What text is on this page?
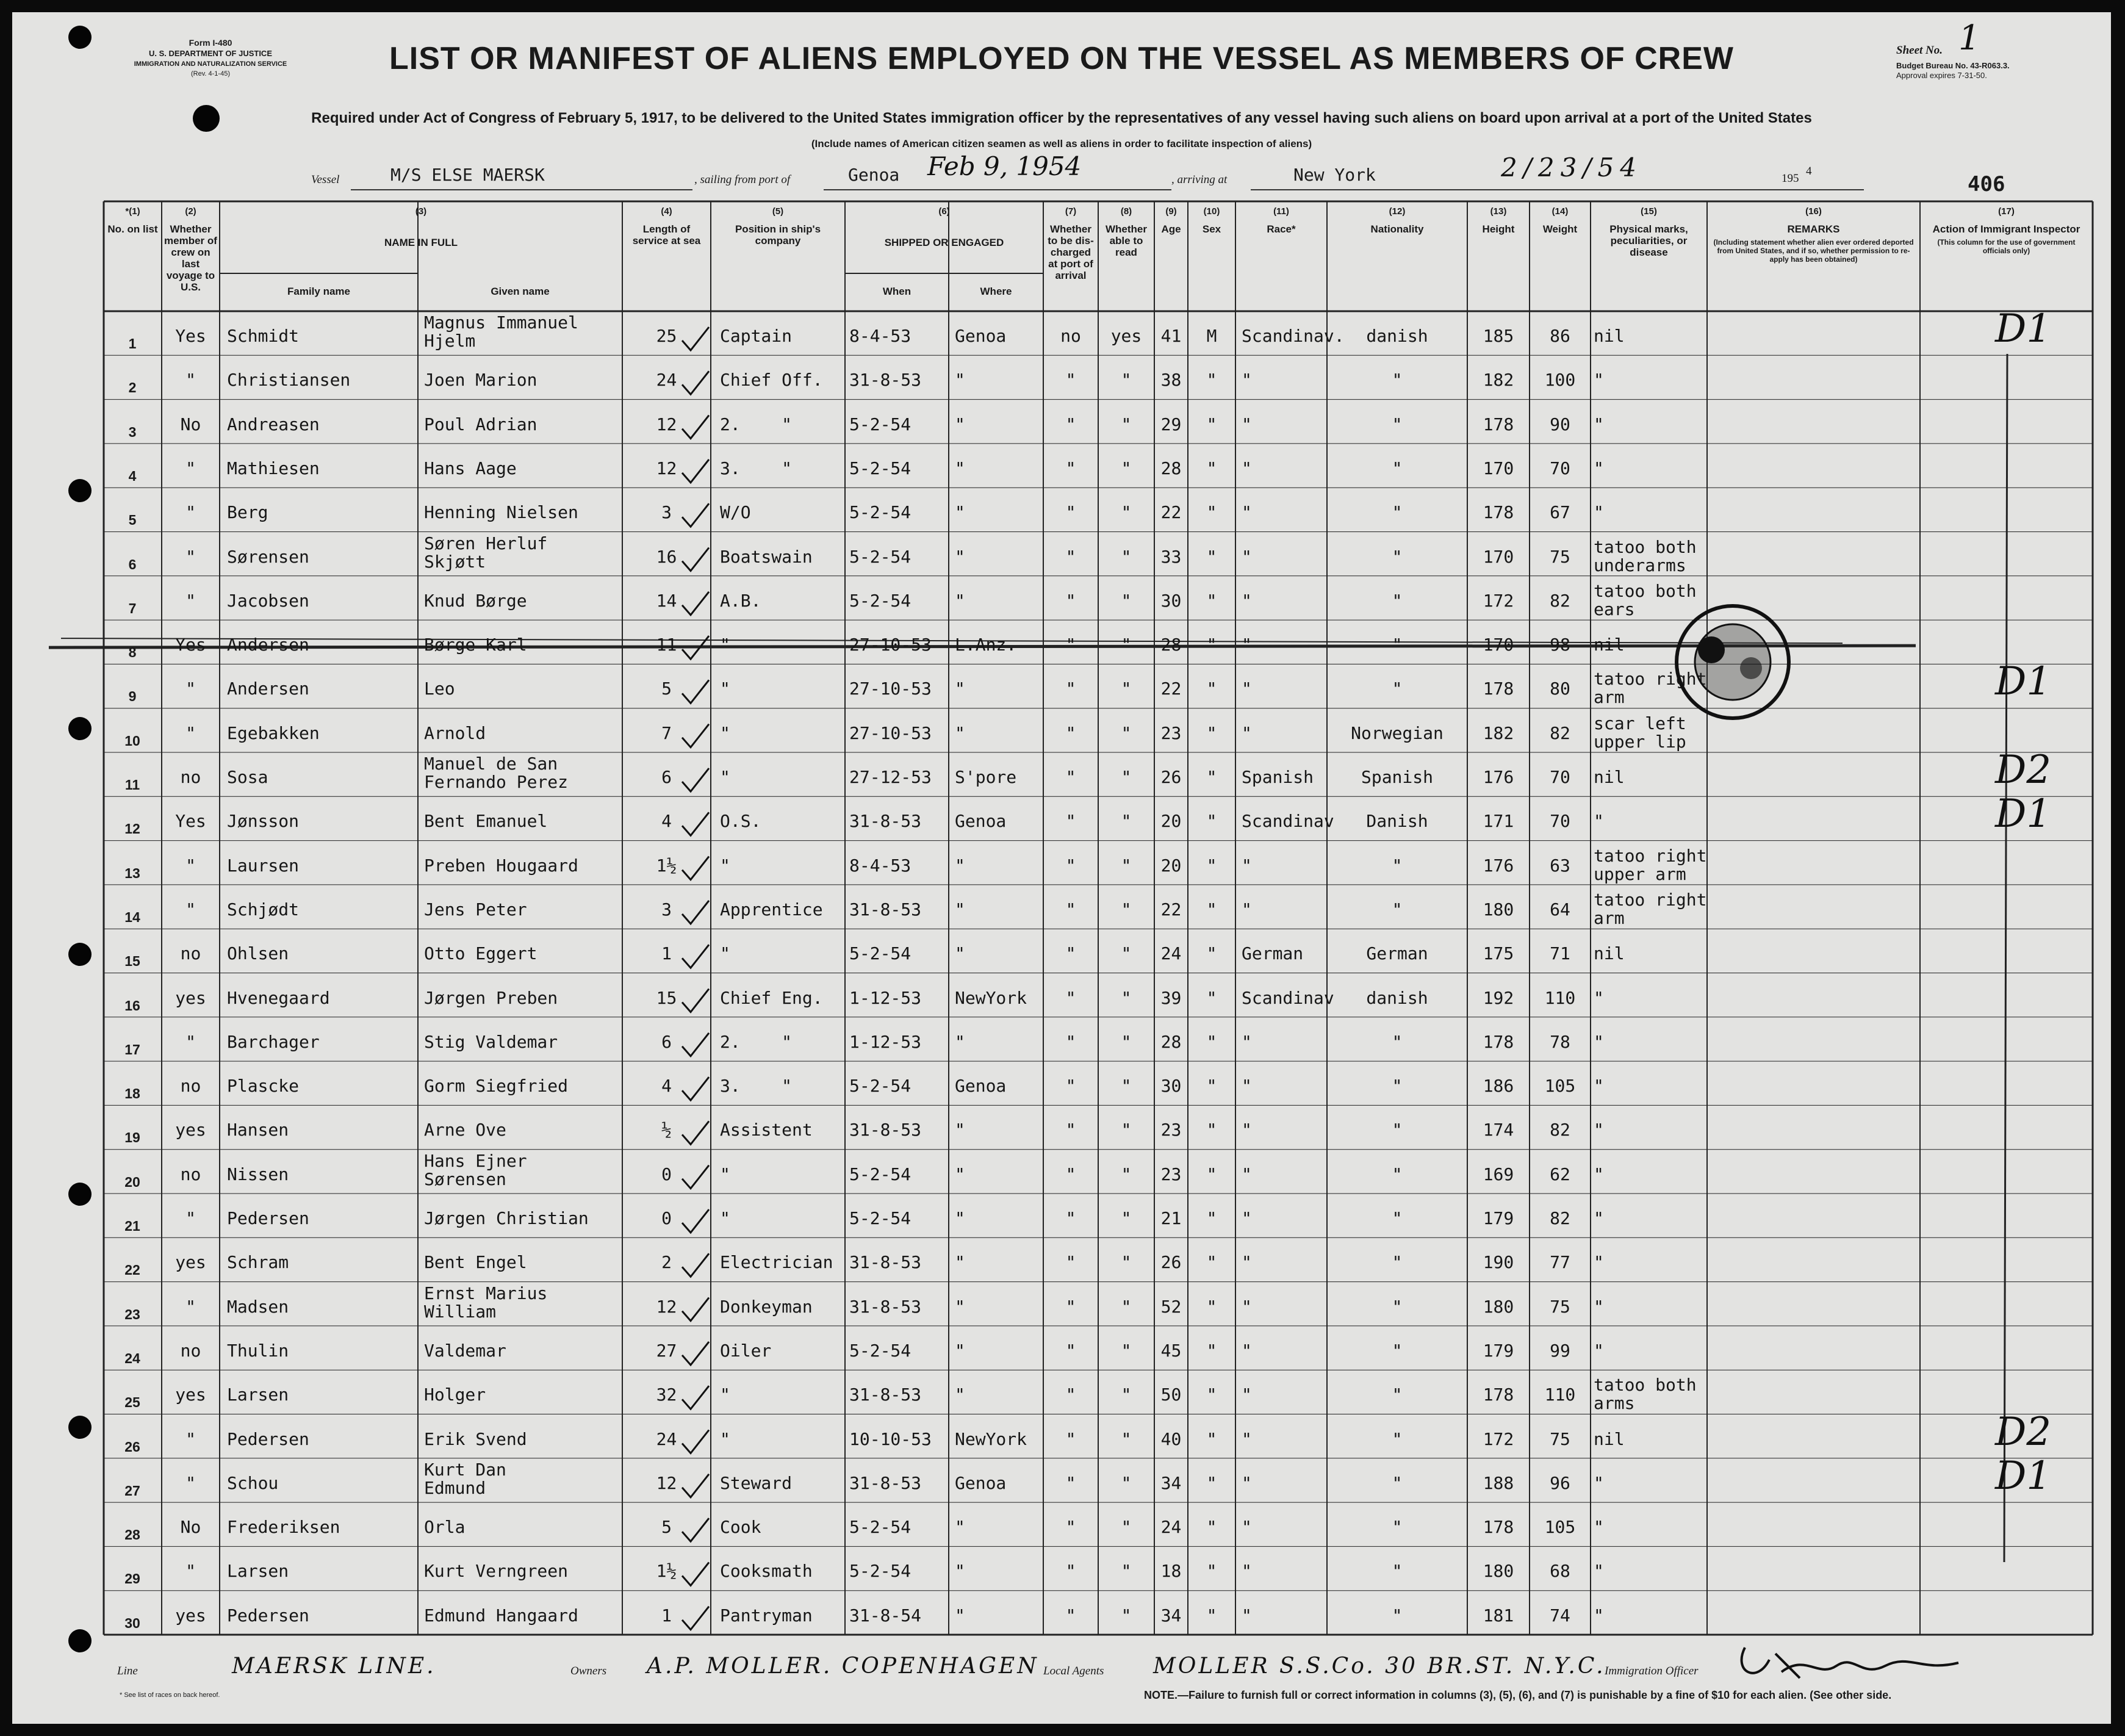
Form I-480
U. S. DEPARTMENT OF JUSTICE
IMMIGRATION AND NATURALIZATION SERVICE
(Rev. 4-1-45)
Sheet No. 1
Budget Bureau No. 43-R063.3.
Approval expires 7-31-50.
LIST OR MANIFEST OF ALIENS EMPLOYED ON THE VESSEL AS MEMBERS OF CREW
Required under Act of Congress of February 5, 1917, to be delivered to the United States immigration officer by the representatives of any vessel having such aliens on board upon arrival at a port of the United States
(Include names of American citizen seamen as well as aliens in order to facilitate inspection of aliens)
Vessel	M/S ELSE MAERSK	, sailing from port of	Genoa Feb 9, 1954	, arriving at	New York	2/23/54	195
4
406
*(1)
No. on list
(2)
Whether member of crew on last voyage to U.S.
(3)
NAME IN FULL
Family name	Given name
(4)
Length of service at sea
(5)
Position in ship's company
(6)
SHIPPED OR ENGAGED
When	Where
(7)
Whether to be dis-charged at port of arrival
(8)
Whether able to read
(9)
Age
(10)
Sex
(11)
Race*
(12)
Nationality
(13)
Height
(14)
Weight
(15)
Physical marks, peculiarities, or disease
(16)
REMARKS
(Including statement whether alien ever ordered deported from United States, and if so, whether permission to re-apply has been obtained)
(17)
Action of Immigrant Inspector
(This column for the use of government officials only)
1	Yes	Schmidt
Magnus Immanuel
Hjelm	25	Captain	8-4-53	Genoa	no	yes	41	M	Scandinav.	danish	185	86	nil	D1
2	"	Christiansen	Joen Marion	24	Chief Off. 31-8-53 "	"	"	38	"	"	"	182	100	"
3	No	Andreasen	Poul Adrian	12	2.    "	5-2-54	"	"	"	29	"	"	"	178	90	"
4	"	Mathiesen	Hans Aage	12	3.    "	5-2-54	"	"	"	28	"	"	"	170	70	"
5	"	Berg	Henning Nielsen	3	W/O	5-2-54	"	"	"	22	"	"	"	178	67	"
6	"	Sørensen
Søren Herluf
Skjøtt	16	Boatswain 5-2-54	"	"	"	33	"	"	"	170	75	tatoo both
underarms
7	"	Jacobsen	Knud Børge	14	A.B.	5-2-54	"	"	"	30	"	"	"	172	82	tatoo both
ears
8	Yes	Andersen	Børge Karl	11	"	27-10-53 L.Anz.	"	"	28	"	"	"	170	98	nil
9	"	Andersen	Leo	5	"	27-10-53 "	"	"	22	"	"	"	178	80	tatoo right
arm	D1
10	"	Egebakken	Arnold	7	"	27-10-53 "	"	"	23	"	"	Norwegian	182	82	scar left
upper lip
11	no	Sosa
Manuel de San
Fernando Perez	6	"	27-12-53 S'pore	"	"	26	"	Spanish	Spanish	176	70	nil	D2
12	Yes	Jønsson	Bent Emanuel	4	O.S.	31-8-53 Genoa	"	"	20	"	Scandinav	Danish	171	70	"	D1
13	"	Laursen	Preben Hougaard	1½	"	8-4-53	"	"	"	20	"	"	"	176	63	tatoo right
upper arm
14	"	Schjødt	Jens Peter	3	Apprentice 31-8-53 "	"	"	22	"	"	"	180	64	tatoo right
arm
15	no	Ohlsen	Otto Eggert	1	"	5-2-54	"	"	"	24	"	German	German	175	71	nil
16	yes	Hvenegaard	Jørgen Preben	15	Chief Eng. 1-12-53 NewYork	"	"	39	"	Scandinav	danish	192	110	"
17	"	Barchager	Stig Valdemar	6	2.    "	1-12-53 "	"	"	28	"	"	"	178	78	"
18	no	Plascke	Gorm Siegfried	4	3.    "	5-2-54	Genoa	"	"	30	"	"	"	186	105	"
19	yes	Hansen	Arne Ove	½	Assistent 31-8-53 "	"	"	23	"	"	"	174	82	"
20	no	Nissen
Hans Ejner
Sørensen	0	"	5-2-54	"	"	"	23	"	"	"	169	62	"
21	"	Pedersen	Jørgen Christian	0	"	5-2-54	"	"	"	21	"	"	"	179	82	"
22	yes	Schram	Bent Engel	2	Electrician 31-8-53 "	"	"	26	"	"	"	190	77	"
23	"	Madsen
Ernst Marius
William	12	Donkeyman 31-8-53 "	"	"	52	"	"	"	180	75	"
24	no	Thulin	Valdemar	27	Oiler	5-2-54	"	"	"	45	"	"	"	179	99	"
25	yes	Larsen	Holger	32	"	31-8-53 "	"	"	50	"	"	"	178	110	tatoo both
arms
26	"	Pedersen	Erik Svend	24	"	10-10-53 NewYork	"	"	40	"	"	"	172	75	nil	D2
27	"	Schou
Kurt Dan
Edmund	12	Steward	31-8-53 Genoa	"	"	34	"	"	"	188	96	"	D1
28	No	Frederiksen	Orla	5	Cook	5-2-54	"	"	"	24	"	"	"	178	105	"
29	"	Larsen	Kurt Verngreen	1½	Cooksmath 5-2-54	"	"	"	18	"	"	"	180	68	"
30	yes	Pedersen	Edmund Hangaard	1	Pantryman 31-8-54 "	"	"	34	"	"	"	181	74	"
Line	MAERSK LINE.	Owners A.P. MOLLER. COPENHAGEN Local Agents MOLLER S.S.Co. 30 BR.ST. N.Y.C.
Immigration Officer
* See list of races on back hereof.	NOTE.—Failure to furnish full or correct information in columns (3), (5), (6), and (7) is punishable by a fine of $10 for each alien. (See other side.
